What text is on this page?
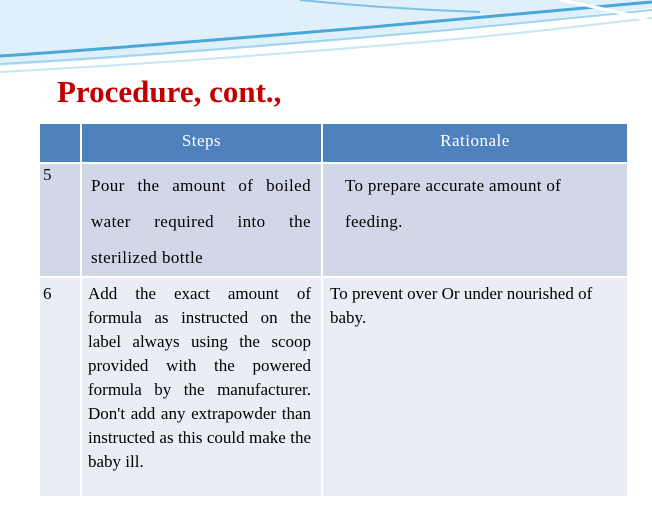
Procedure, cont.,

	Steps	Rationale

5	Pour the amount of boiled water required into the sterilized bottle	To prepare accurate amount of feeding.

6	Add the exact amount of formula as instructed on the label always using the scoop provided with the powered formula by the manufacturer. Don't add any extrapowder than instructed as this could make the baby ill.	To prevent over Or under nourished of baby.
